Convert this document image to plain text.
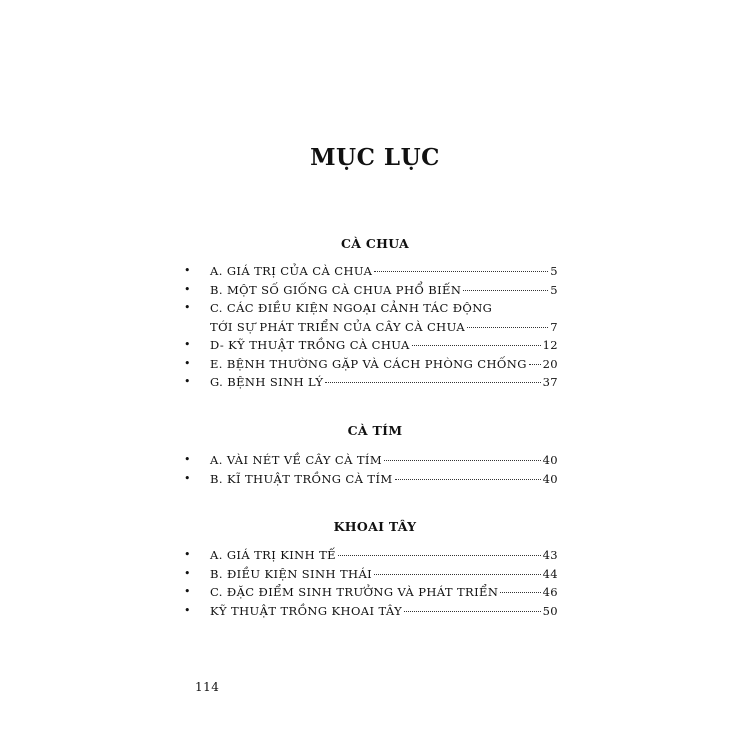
MỤC LỤC
CÀ CHUA
•	A. GIÁ TRỊ CỦA CÀ CHUA	5
•	B. MỘT SỐ GIỐNG CÀ CHUA PHỔ BIẾN	5
•	C. CÁC ĐIỀU KIỆN NGOẠI CẢNH TÁC ĐỘNG
TỚI SỰ PHÁT TRIỂN CỦA CÂY CÀ CHUA	7
•	D- KỸ THUẬT TRỒNG CÀ CHUA	12
•	E. BỆNH THƯỜNG GẶP VÀ CÁCH PHÒNG CHỐNG 20
•	G. BỆNH SINH LÝ	37
CÀ TÍM
•	A. VÀI NÉT VỀ CÂY CÀ TÍM	40
•	B. KĨ THUẬT TRỒNG CÀ TÍM	40
KHOAI TÂY
•	A. GIÁ TRỊ KINH TẾ	43
•	B. ĐIỀU KIỆN SINH THÁI	44
•	C. ĐẶC ĐIỂM SINH TRƯỞNG VÀ PHÁT TRIỂN	46
•	KỸ THUẬT TRỒNG KHOAI TÂY	50
114
